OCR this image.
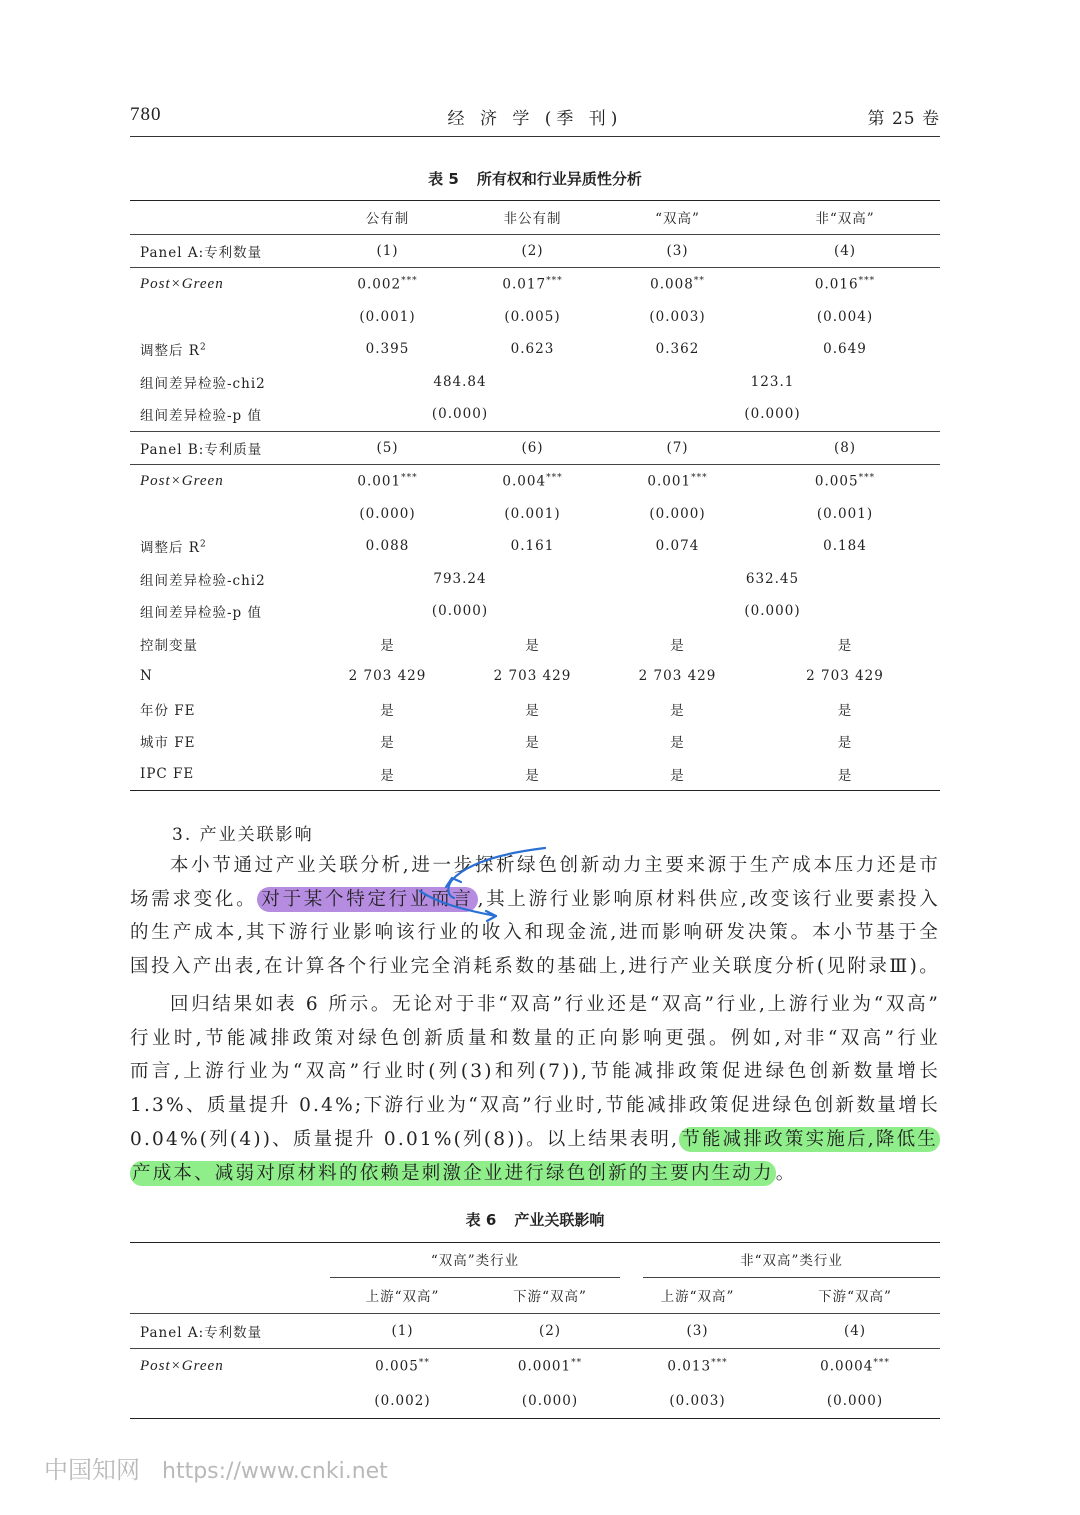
780	经 济 学 (季 刊)	第 25 卷
表 5 所有权和行业异质性分析
	公有制	非公有制	“双高”	非“双高”
Panel A:专利数量	(1)	(2)	(3)	(4)
Post×Green	0.002***	0.017***	0.008**	0.016***
	(0.001)	(0.005)	(0.003)	(0.004)
调整后 $R^2$	0.395	0.623	0.362	0.649
组间差异检验-chi2	484.84		123.1	
组间差异检验-p 值	(0.000)		(0.000)	
Panel B:专利质量	(5)	(6)	(7)	(8)
Post×Green	0.001***	0.004***	0.001***	0.005***
	(0.000)	(0.001)	(0.000)	(0.001)
调整后 $R^2$	0.088	0.161	0.074	0.184
组间差异检验-chi2	793.24		632.45	
组间差异检验-p 值	(0.000)		(0.000)	
控制变量	是	是	是	是
N	2 703 429	2 703 429	2 703 429	2 703 429
年份 FE	是	是	是	是
城市 FE	是	是	是	是
IPC FE	是	是	是	是
3. 产业关联影响
本小节通过产业关联分析,进一步探析绿色创新动力主要来源于生产成本压力还是市
场需求变化。 对于某个特定行业而言 ,其上游行业影响原材料供应,改变该行业要素投入
的生产成本,其下游行业影响该行业的收入和现金流,进而影响研发决策。本小节基于全
国投入产出表,在计算各个行业完全消耗系数的基础上,进行产业关联度分析(见附录Ⅲ)。
回归结果如表 6 所示。无论对于非“双高”行业还是“双高”行业,上游行业为“双高”
行业时,节能减排政策对绿色创新质量和数量的正向影响更强。例如,对非“双高”行业
而言,上游行业为“双高”行业时(列(3)和列(7)),节能减排政策促进绿色创新数量增长
1.3%、质量提升 0.4%;下游行业为“双高”行业时,节能减排政策促进绿色创新数量增长
0.04%(列(4))、质量提升 0.01%(列(8))。以上结果表明, 节能减排政策实施后,降低生
产成本、减弱对原材料的依赖是刺激企业进行绿色创新的主要内生动力 。
表 6 产业关联影响

	“双高”类行业		非“双高”类行业	

	上游“双高”	下游“双高”	上游“双高”	下游“双高”
Panel A:专利数量	(1)	(2)	(3)	(4)
Post×Green	0.005**	0.0001**	0.013***	0.0004***
	(0.002)	(0.000)	(0.003)	(0.000)
中国知网 https://www.cnki.net
